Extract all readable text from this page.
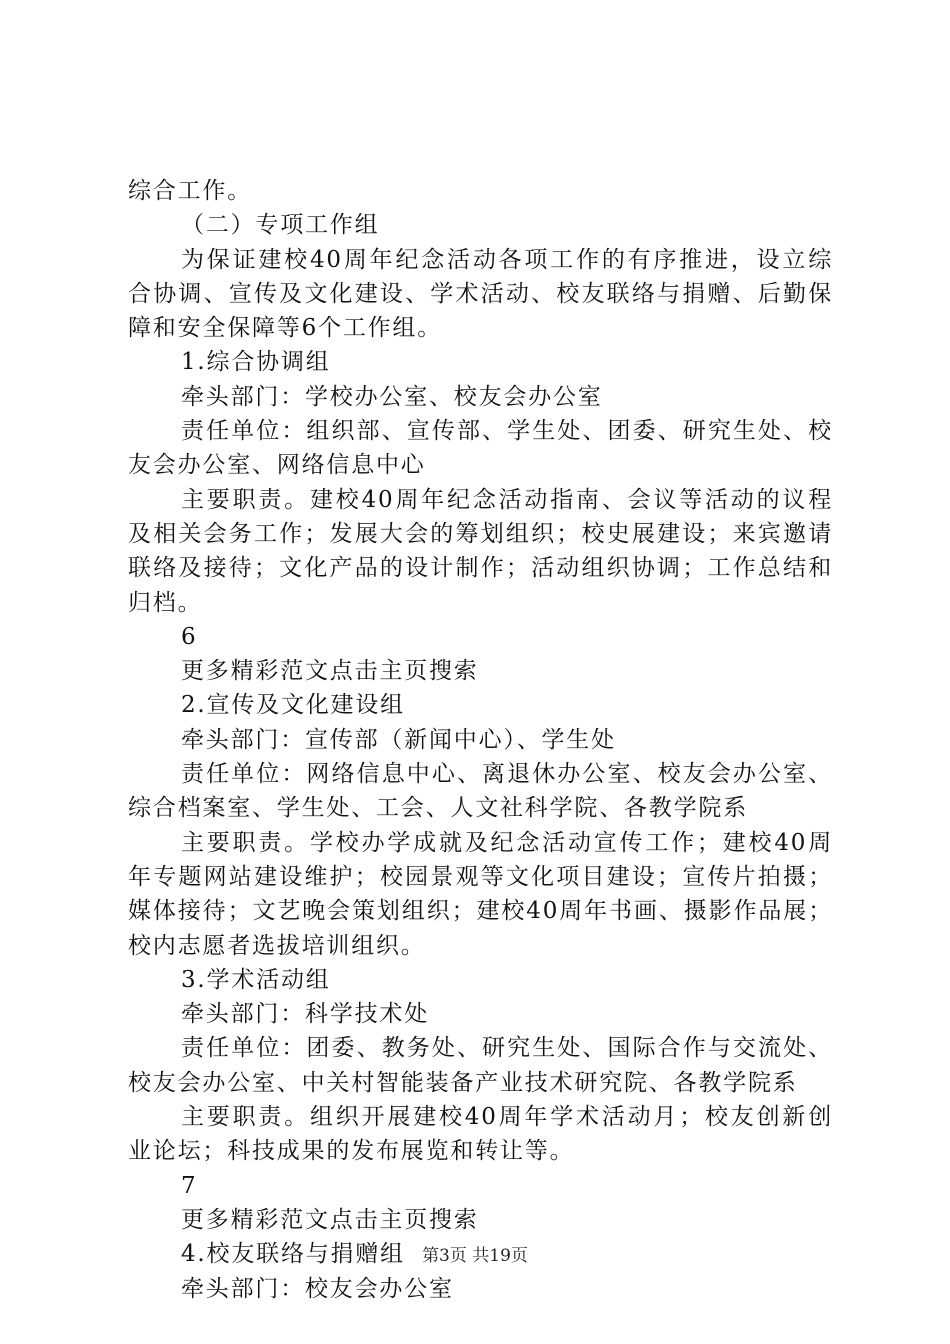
综合工作。

（二）专项工作组

为保证建校40周年纪念活动各项工作的有序推进，设立综合协调、宣传及文化建设、学术活动、校友联络与捐赠、后勤保障和安全保障等6个工作组。

1.综合协调组

牵头部门：学校办公室、校友会办公室

责任单位：组织部、宣传部、学生处、团委、研究生处、校友会办公室、网络信息中心

主要职责。建校40周年纪念活动指南、会议等活动的议程及相关会务工作；发展大会的筹划组织；校史展建设；来宾邀请联络及接待；文化产品的设计制作；活动组织协调；工作总结和归档。

6

更多精彩范文点击主页搜索

2.宣传及文化建设组

牵头部门：宣传部（新闻中心）、学生处

责任单位：网络信息中心、离退休办公室、校友会办公室、综合档案室、学生处、工会、人文社科学院、各教学院系

主要职责。学校办学成就及纪念活动宣传工作；建校40周年专题网站建设维护；校园景观等文化项目建设；宣传片拍摄；媒体接待；文艺晚会策划组织；建校40周年书画、摄影作品展；校内志愿者选拔培训组织。

3.学术活动组

牵头部门：科学技术处

责任单位：团委、教务处、研究生处、国际合作与交流处、校友会办公室、中关村智能装备产业技术研究院、各教学院系

主要职责。组织开展建校40周年学术活动月；校友创新创业论坛；科技成果的发布展览和转让等。

7

更多精彩范文点击主页搜索

4.校友联络与捐赠组

牵头部门：校友会办公室

第3页 共19页
